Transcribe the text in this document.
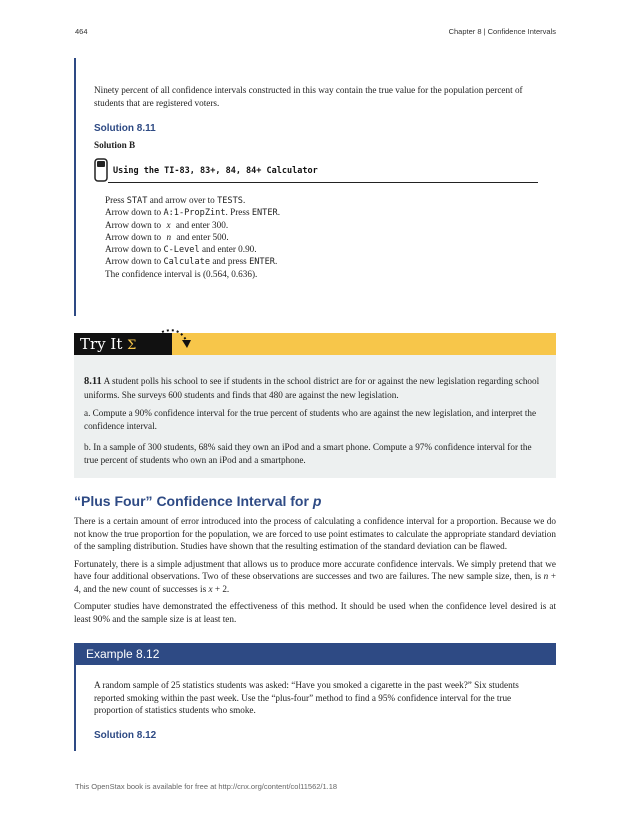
464	Chapter 8 | Confidence Intervals
Ninety percent of all confidence intervals constructed in this way contain the true value for the population percent of students that are registered voters.
Solution 8.11
Solution B
Using the TI-83, 83+, 84, 84+ Calculator
Press STAT and arrow over to TESTS.
Arrow down to A:1-PropZint. Press ENTER.
Arrow down to x and enter 300.
Arrow down to n and enter 500.
Arrow down to C-Level and enter 0.90.
Arrow down to Calculate and press ENTER.
The confidence interval is (0.564, 0.636).
Try It Σ

8.11 A student polls his school to see if students in the school district are for or against the new legislation regarding school uniforms. She surveys 600 students and finds that 480 are against the new legislation.

a. Compute a 90% confidence interval for the true percent of students who are against the new legislation, and interpret the confidence interval.
b. In a sample of 300 students, 68% said they own an iPod and a smart phone. Compute a 97% confidence interval for the true percent of students who own an iPod and a smartphone.
“Plus Four” Confidence Interval for p

There is a certain amount of error introduced into the process of calculating a confidence interval for a proportion. Because we do not know the true proportion for the population, we are forced to use point estimates to calculate the appropriate standard deviation of the sampling distribution. Studies have shown that the resulting estimation of the standard deviation can be flawed.

Fortunately, there is a simple adjustment that allows us to produce more accurate confidence intervals. We simply pretend that we have four additional observations. Two of these observations are successes and two are failures. The new sample size, then, is n + 4, and the new count of successes is x + 2.

Computer studies have demonstrated the effectiveness of this method. It should be used when the confidence level desired is at least 90% and the sample size is at least ten.

Example 8.12
A random sample of 25 statistics students was asked: “Have you smoked a cigarette in the past week?” Six students reported smoking within the past week. Use the “plus-four” method to find a 95% confidence interval for the true proportion of statistics students who smoke.
Solution 8.12
This OpenStax book is available for free at http://cnx.org/content/col11562/1.18
